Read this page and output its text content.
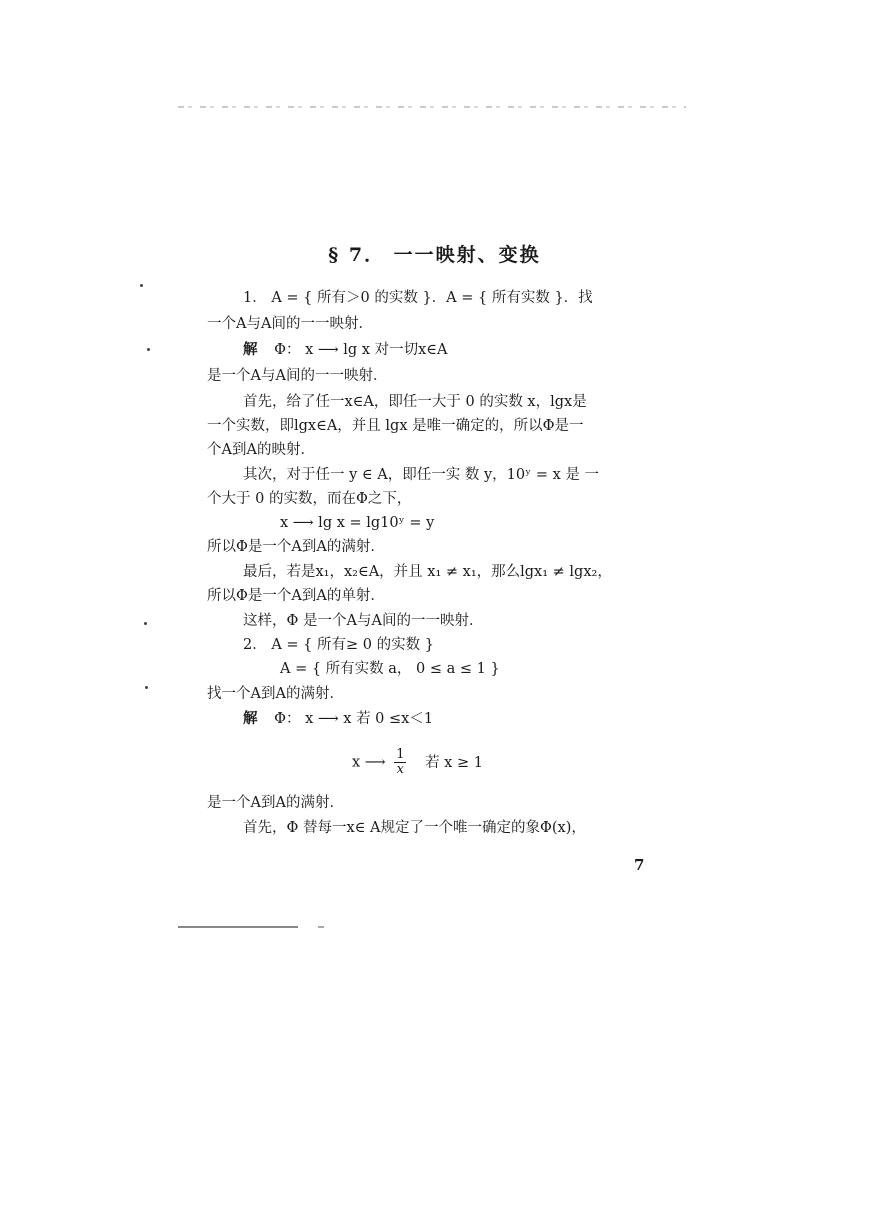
§ 7． 一一映射、变换
1． A = { 所有＞0 的实数 }．A = { 所有实数 }．找
一个A与A间的一一映射．
解 Φ： x ⟶ lg x 对一切x∈A
是一个A与A间的一一映射．
首先，给了任一x∈A，即任一大于 0 的实数 x，lgx是
一个实数，即lgx∈A，并且 lgx 是唯一确定的，所以Φ是一
个A到A的映射．
其次，对于任一 y ∈ A，即任一实 数 y，10ʸ = x 是 一
个大于 0 的实数，而在Φ之下，
x ⟶ lg x = lg10ʸ = y
所以Φ是一个A到A的满射．
最后，若是x₁，x₂∈A，并且 x₁ ≠ x₁，那么lgx₁ ≠ lgx₂，
所以Φ是一个A到A的单射．
这样，Φ 是一个A与A间的一一映射．
2． A = { 所有≥ 0 的实数 }
A = { 所有实数 a， 0 ≤ a ≤ 1 }
找一个A到A的满射．
解 Φ： x ⟶ x 若 0 ≤x＜1
x ⟶ $\frac{1}{x}$ 若 x ≥ 1
是一个A到A的满射．
首先，Φ 替每一x∈ A规定了一个唯一确定的象Φ(x)，
7
